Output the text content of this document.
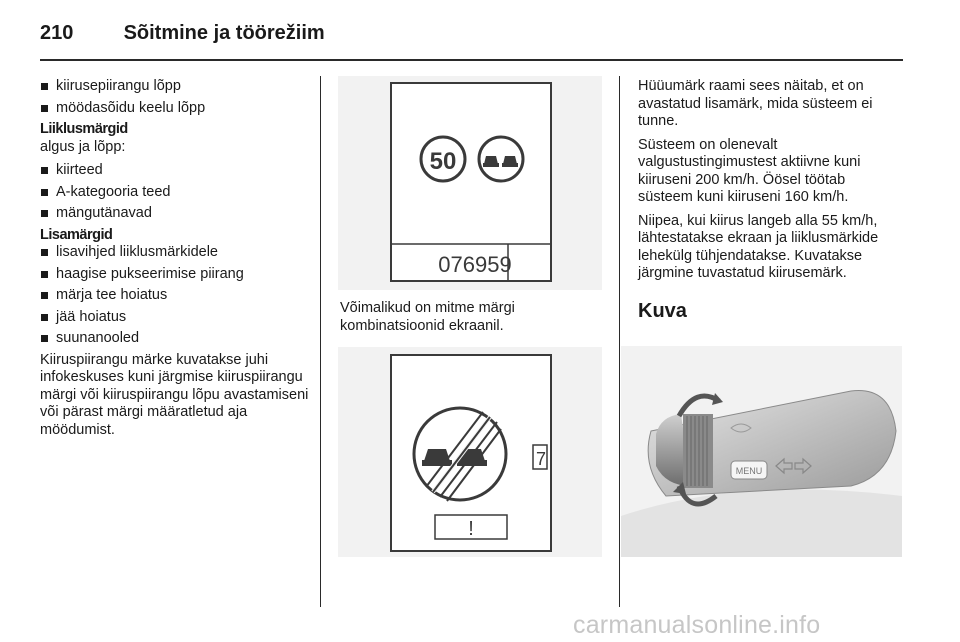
210	Sõitmine ja töörežiim
kiirusepiirangu lõpp
möödasõidu keelu lõpp
Liiklusmärgid
algus ja lõpp:
kiirteed
A-kategooria teed
mängutänavad
Lisamärgid
lisavihjed liiklusmärkidele
haagise pukseerimise piirang
märja tee hoiatus
jää hoiatus
suunanooled
Kiiruspiirangu märke kuvatakse juhi infokeskuses kuni järgmise kiiruspiirangu märgi või kiiruspiirangu lõpu avastamiseni või pärast märgi määratletud aja möödumist.
50
076959
Võimalikud on mitme märgi kombinatsioonid ekraanil.
7
!
Hüüumärk raami sees näitab, et on avastatud lisamärk, mida süsteem ei tunne.
Süsteem on olenevalt valgustustingimustest aktiivne kuni kiiruseni 200 km/h. Öösel töötab süsteem kuni kiiruseni 160 km/h.
Niipea, kui kiirus langeb alla 55 km/h, lähtestatakse ekraan ja liiklusmärkide lehekülg tühjendatakse. Kuvatakse järgmine tuvastatud kiirusemärk.
Kuva
MENU
carmanualsonline.info
